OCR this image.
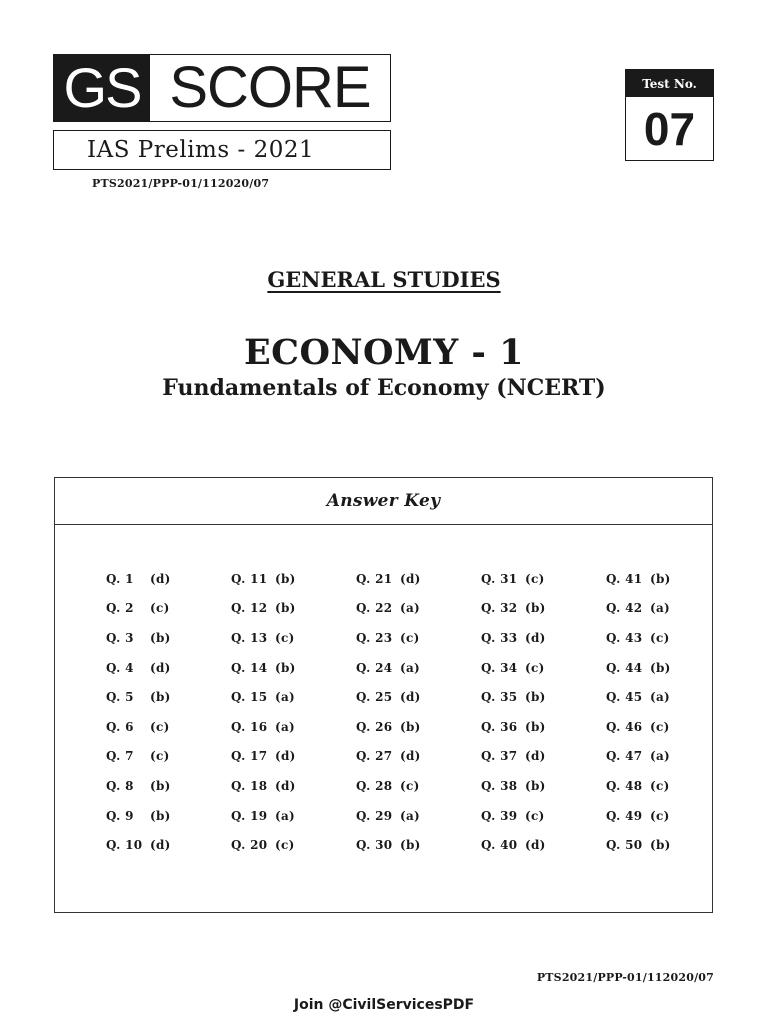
GS SCORE
IAS Prelims - 2021
PTS2021/PPP-01/112020/07
Test No.
07
GENERAL STUDIES
ECONOMY - 1
Fundamentals of Economy (NCERT)
Answer Key
Q. 1	(d)	Q. 11 (b)	Q. 21 (d)	Q. 31 (c)	Q. 41 (b)
Q. 2	(c)	Q. 12 (b)	Q. 22 (a)	Q. 32 (b)	Q. 42 (a)
Q. 3	(b)	Q. 13 (c)	Q. 23 (c)	Q. 33 (d)	Q. 43 (c)
Q. 4	(d)	Q. 14 (b)	Q. 24 (a)	Q. 34 (c)	Q. 44 (b)
Q. 5	(b)	Q. 15 (a)	Q. 25 (d)	Q. 35 (b)	Q. 45 (a)
Q. 6	(c)	Q. 16 (a)	Q. 26 (b)	Q. 36 (b)	Q. 46 (c)
Q. 7	(c)	Q. 17 (d)	Q. 27 (d)	Q. 37 (d)	Q. 47 (a)
Q. 8	(b)	Q. 18 (d)	Q. 28 (c)	Q. 38 (b)	Q. 48 (c)
Q. 9	(b)	Q. 19 (a)	Q. 29 (a)	Q. 39 (c)	Q. 49 (c)
Q. 10 (d)	Q. 20 (c)	Q. 30 (b)	Q. 40 (d)	Q. 50 (b)
PTS2021/PPP-01/112020/07
Join @CivilServicesPDF
